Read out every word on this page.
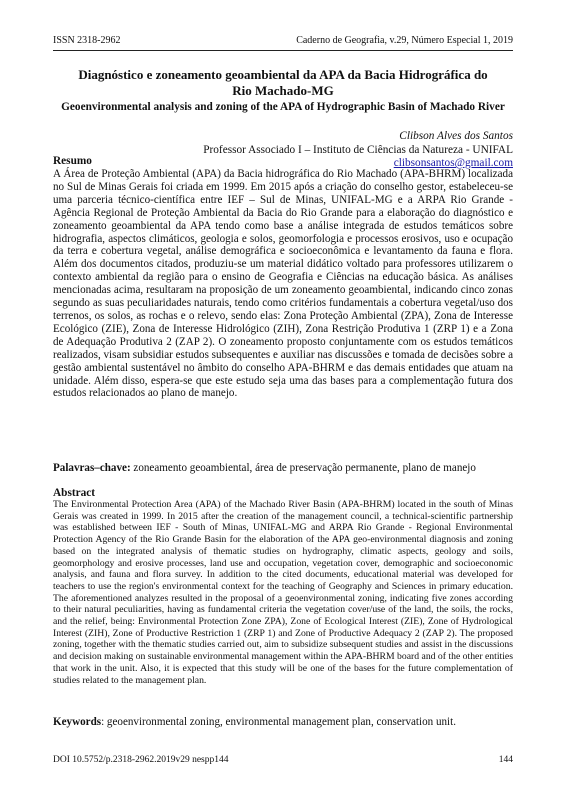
ISSN 2318-2962	Caderno de Geografia, v.29, Número Especial 1, 2019
Diagnóstico e zoneamento geoambiental da APA da Bacia Hidrográfica do Rio Machado-MG
Geoenvironmental analysis and zoning of the APA of Hydrographic Basin of Machado River
Clibson Alves dos Santos
Professor Associado I – Instituto de Ciências da Natureza - UNIFAL
clibsonsantos@gmail.com
Resumo
A Área de Proteção Ambiental (APA) da Bacia hidrográfica do Rio Machado (APA-BHRM) localizada no Sul de Minas Gerais foi criada em 1999. Em 2015 após a criação do conselho gestor, estabeleceu-se uma parceria técnico-científica entre IEF – Sul de Minas, UNIFAL-MG e a ARPA Rio Grande - Agência Regional de Proteção Ambiental da Bacia do Rio Grande para a elaboração do diagnóstico e zoneamento geoambiental da APA tendo como base a análise integrada de estudos temáticos sobre hidrografia, aspectos climáticos, geologia e solos, geomorfologia e processos erosivos, uso e ocupação da terra e cobertura vegetal, análise demográfica e socioeconômica e levantamento da fauna e flora. Além dos documentos citados, produziu-se um material didático voltado para professores utilizarem o contexto ambiental da região para o ensino de Geografia e Ciências na educação básica. As análises mencionadas acima, resultaram na proposição de um zoneamento geoambiental, indicando cinco zonas segundo as suas peculiaridades naturais, tendo como critérios fundamentais a cobertura vegetal/uso dos terrenos, os solos, as rochas e o relevo, sendo elas: Zona Proteção Ambiental (ZPA), Zona de Interesse Ecológico (ZIE), Zona de Interesse Hidrológico (ZIH), Zona Restrição Produtiva 1 (ZRP 1) e a Zona de Adequação Produtiva 2 (ZAP 2). O zoneamento proposto conjuntamente com os estudos temáticos realizados, visam subsidiar estudos subsequentes e auxiliar nas discussões e tomada de decisões sobre a gestão ambiental sustentável no âmbito do conselho APA-BHRM e das demais entidades que atuam na unidade. Além disso, espera-se que este estudo seja uma das bases para a complementação futura dos estudos relacionados ao plano de manejo.
Palavras–chave: zoneamento geoambiental, área de preservação permanente, plano de manejo
Abstract
The Environmental Protection Area (APA) of the Machado River Basin (APA-BHRM) located in the south of Minas Gerais was created in 1999. In 2015 after the creation of the management council, a technical-scientific partnership was established between IEF - South of Minas, UNIFAL-MG and ARPA Rio Grande - Regional Environmental Protection Agency of the Rio Grande Basin for the elaboration of the APA geo-environmental diagnosis and zoning based on the integrated analysis of thematic studies on hydrography, climatic aspects, geology and soils, geomorphology and erosive processes, land use and occupation, vegetation cover, demographic and socioeconomic analysis, and fauna and flora survey. In addition to the cited documents, educational material was developed for teachers to use the region's environmental context for the teaching of Geography and Sciences in primary education. The aforementioned analyzes resulted in the proposal of a geoenvironmental zoning, indicating five zones according to their natural peculiarities, having as fundamental criteria the vegetation cover/use of the land, the soils, the rocks, and the relief, being: Environmental Protection Zone ZPA), Zone of Ecological Interest (ZIE), Zone of Hydrological Interest (ZIH), Zone of Productive Restriction 1 (ZRP 1) and Zone of Productive Adequacy 2 (ZAP 2). The proposed zoning, together with the thematic studies carried out, aim to subsidize subsequent studies and assist in the discussions and decision making on sustainable environmental management within the APA-BHRM board and of the other entities that work in the unit. Also, it is expected that this study will be one of the bases for the future complementation of studies related to the management plan.
Keywords: geoenvironmental zoning, environmental management plan, conservation unit.
DOI 10.5752/p.2318-2962.2019v29 nespp144	144
